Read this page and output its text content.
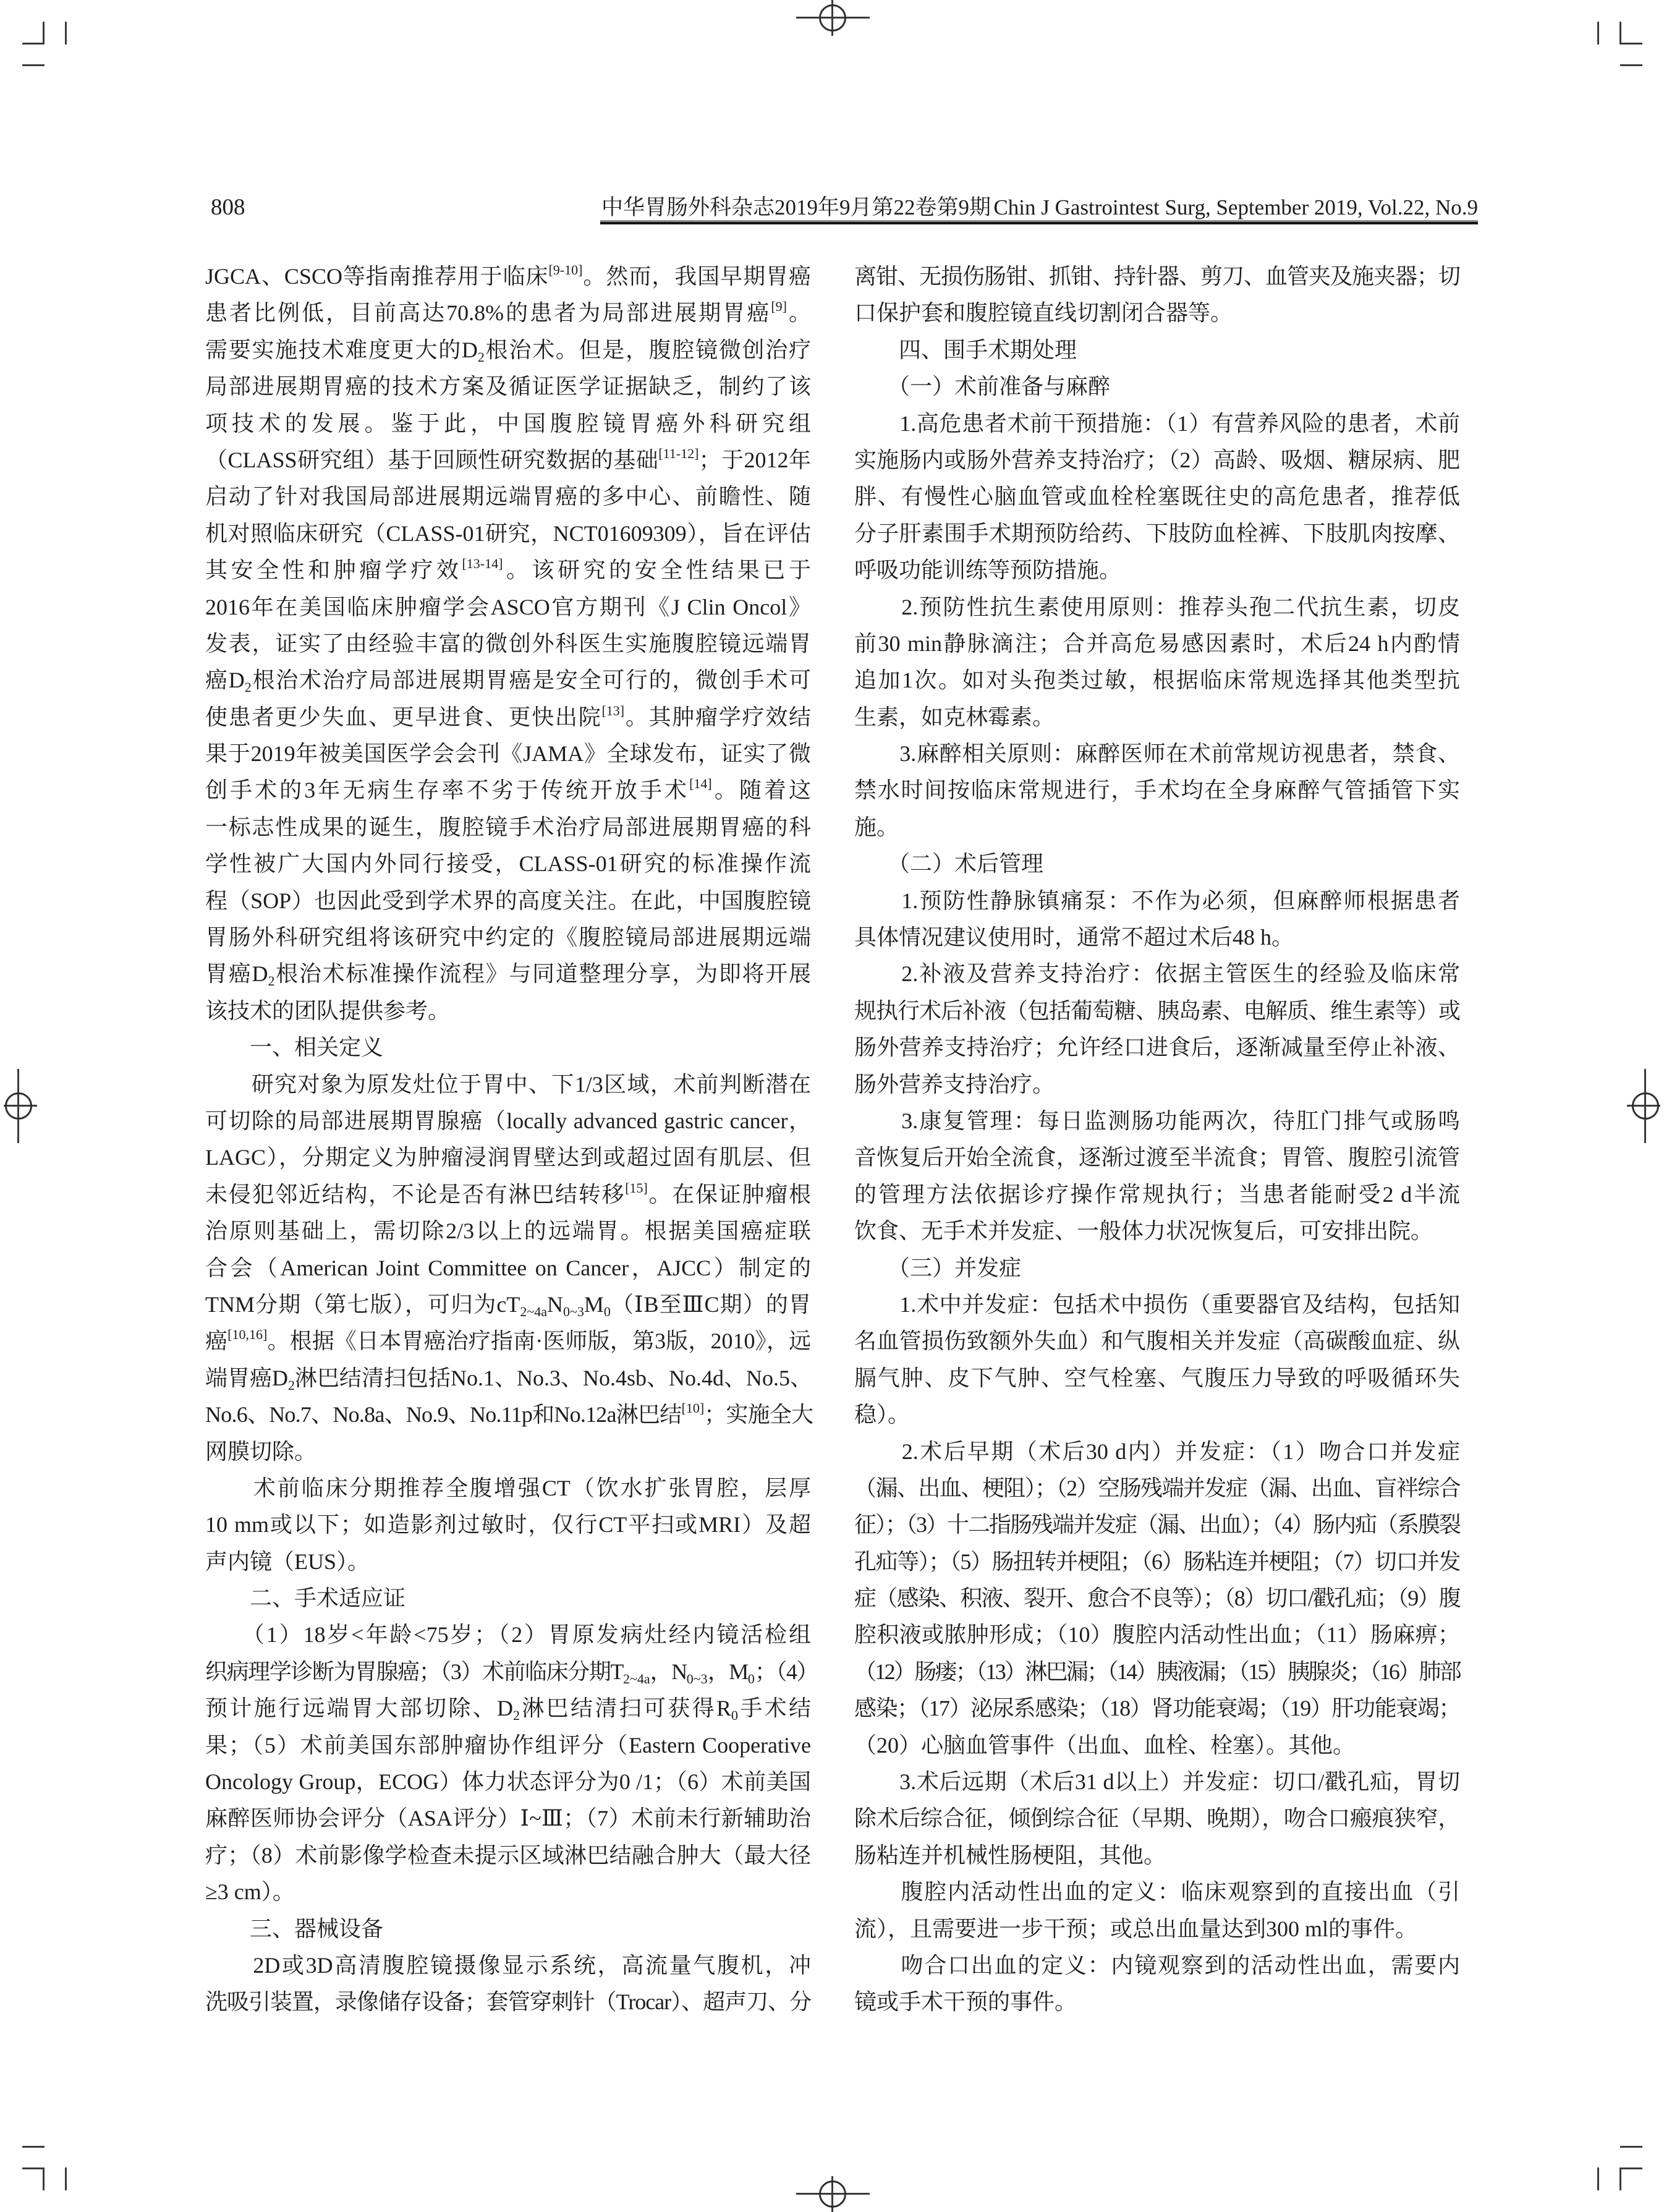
808	中华胃肠外科杂志2019年9月第22卷第9期 Chin J Gastrointest Surg, September 2019, Vol.22, No.9
JGCA、CSCO等指南推荐用于临床[9-10]。然而，我国早期胃癌
患者比例低，目前高达70.8%的患者为局部进展期胃癌[9]。
需要实施技术难度更大的$D_2$根治术。但是，腹腔镜微创治疗
局部进展期胃癌的技术方案及循证医学证据缺乏，制约了该
项技术的发展。鉴于此，中国腹腔镜胃癌外科研究组
（CLASS研究组）基于回顾性研究数据的基础[11-12]；于2012年
启动了针对我国局部进展期远端胃癌的多中心、前瞻性、随
机对照临床研究（CLASS-01研究，NCT01609309），旨在评估
其安全性和肿瘤学疗效[13-14]。该研究的安全性结果已于
2016年在美国临床肿瘤学会ASCO官方期刊《J Clin Oncol》
发表，证实了由经验丰富的微创外科医生实施腹腔镜远端胃
癌$D_2$根治术治疗局部进展期胃癌是安全可行的，微创手术可
使患者更少失血、更早进食、更快出院[13]。其肿瘤学疗效结
果于2019年被美国医学会会刊《JAMA》全球发布，证实了微
创手术的3年无病生存率不劣于传统开放手术[14]。随着这
一标志性成果的诞生，腹腔镜手术治疗局部进展期胃癌的科
学性被广大国内外同行接受，CLASS-01研究的标准操作流
程（SOP）也因此受到学术界的高度关注。在此，中国腹腔镜
胃肠外科研究组将该研究中约定的《腹腔镜局部进展期远端
胃癌$D_2$根治术标准操作流程》与同道整理分享，为即将开展
该技术的团队提供参考。
　　一、相关定义
　　研究对象为原发灶位于胃中、下1/3区域，术前判断潜在
可切除的局部进展期胃腺癌（locally advanced gastric cancer，
LAGC），分期定义为肿瘤浸润胃壁达到或超过固有肌层、但
未侵犯邻近结构，不论是否有淋巴结转移[15]。在保证肿瘤根
治原则基础上，需切除2/3以上的远端胃。根据美国癌症联
合会（American Joint Committee on Cancer，AJCC）制定的
TNM分期（第七版），可归为$cT_{2\sim 4a}N_{0\sim 3}M_0(ⅠB$至ⅢC期）的胃
癌[10,16]。根据《日本胃癌治疗指南·医师版，第3版，2010》，远
端胃癌$D_2$淋巴结清扫包括No.1、No.3、No.4sb、No.4d、No.5、
No.6、No.7、No.8a、No.9、No.11p和No.12a淋巴结[10]；实施全大
网膜切除。
　　术前临床分期推荐全腹增强CT（饮水扩张胃腔，层厚
10 mm或以下；如造影剂过敏时，仅行CT平扫或MRI）及超
声内镜（EUS）。
　　二、手术适应证
　　（1）18岁<年龄<75岁；（2）胃原发病灶经内镜活检组
织病理学诊断为胃腺癌；（3）术前临床分期$T_{2\sim 4a}$，$N_{0\sim 3}$，$M_0$；（4）
预计施行远端胃大部切除、$D_2$淋巴结清扫可获得$R_0$手术结
果；（5）术前美国东部肿瘤协作组评分（Eastern Cooperative
Oncology Group，ECOG）体力状态评分为0 /1；（6）术前美国
麻醉医师协会评分（ASA评分）Ⅰ~Ⅲ；（7）术前未行新辅助治
疗；（8）术前影像学检查未提示区域淋巴结融合肿大（最大径
≥3 cm）。
　　三、器械设备
　　2D或3D高清腹腔镜摄像显示系统，高流量气腹机，冲
洗吸引装置，录像储存设备；套管穿刺针（Trocar）、超声刀、分
离钳、无损伤肠钳、抓钳、持针器、剪刀、血管夹及施夹器；切
口保护套和腹腔镜直线切割闭合器等。
　　四、围手术期处理
　　（一）术前准备与麻醉
　　1.高危患者术前干预措施：（1）有营养风险的患者，术前
实施肠内或肠外营养支持治疗；（2）高龄、吸烟、糖尿病、肥
胖、有慢性心脑血管或血栓栓塞既往史的高危患者，推荐低
分子肝素围手术期预防给药、下肢防血栓裤、下肢肌肉按摩、
呼吸功能训练等预防措施。
　　2.预防性抗生素使用原则：推荐头孢二代抗生素，切皮
前30 min静脉滴注；合并高危易感因素时，术后24 h内酌情
追加1次。如对头孢类过敏，根据临床常规选择其他类型抗
生素，如克林霉素。
　　3.麻醉相关原则：麻醉医师在术前常规访视患者，禁食、
禁水时间按临床常规进行，手术均在全身麻醉气管插管下实
施。
　　（二）术后管理
　　1.预防性静脉镇痛泵：不作为必须，但麻醉师根据患者
具体情况建议使用时，通常不超过术后48 h。
　　2.补液及营养支持治疗：依据主管医生的经验及临床常
规执行术后补液（包括葡萄糖、胰岛素、电解质、维生素等）或
肠外营养支持治疗；允许经口进食后，逐渐减量至停止补液、
肠外营养支持治疗。
　　3.康复管理：每日监测肠功能两次，待肛门排气或肠鸣
音恢复后开始全流食，逐渐过渡至半流食；胃管、腹腔引流管
的管理方法依据诊疗操作常规执行；当患者能耐受2 d半流
饮食、无手术并发症、一般体力状况恢复后，可安排出院。
　　（三）并发症
　　1.术中并发症：包括术中损伤（重要器官及结构，包括知
名血管损伤致额外失血）和气腹相关并发症（高碳酸血症、纵
膈气肿、皮下气肿、空气栓塞、气腹压力导致的呼吸循环失
稳）。
　　2.术后早期（术后30 d内）并发症：（1）吻合口并发症
（漏、出血、梗阻）；（2）空肠残端并发症（漏、出血、盲袢综合
征）；（3）十二指肠残端并发症（漏、出血）；（4）肠内疝（系膜裂
孔疝等）；（5）肠扭转并梗阻；（6）肠粘连并梗阻；（7）切口并发
症（感染、积液、裂开、愈合不良等）；（8）切口/戳孔疝；（9）腹
腔积液或脓肿形成；（10）腹腔内活动性出血；（11）肠麻痹；
（12）肠瘘；（13）淋巴漏；（14）胰液漏；（15）胰腺炎；（16）肺部
感染；（17）泌尿系感染；（18）肾功能衰竭；（19）肝功能衰竭；
（20）心脑血管事件（出血、血栓、栓塞）。其他。
　　3.术后远期（术后31 d以上）并发症：切口/戳孔疝，胃切
除术后综合征，倾倒综合征（早期、晚期），吻合口瘢痕狭窄，
肠粘连并机械性肠梗阻，其他。
　　腹腔内活动性出血的定义：临床观察到的直接出血（引
流），且需要进一步干预；或总出血量达到300 ml的事件。
　　吻合口出血的定义：内镜观察到的活动性出血，需要内
镜或手术干预的事件。
